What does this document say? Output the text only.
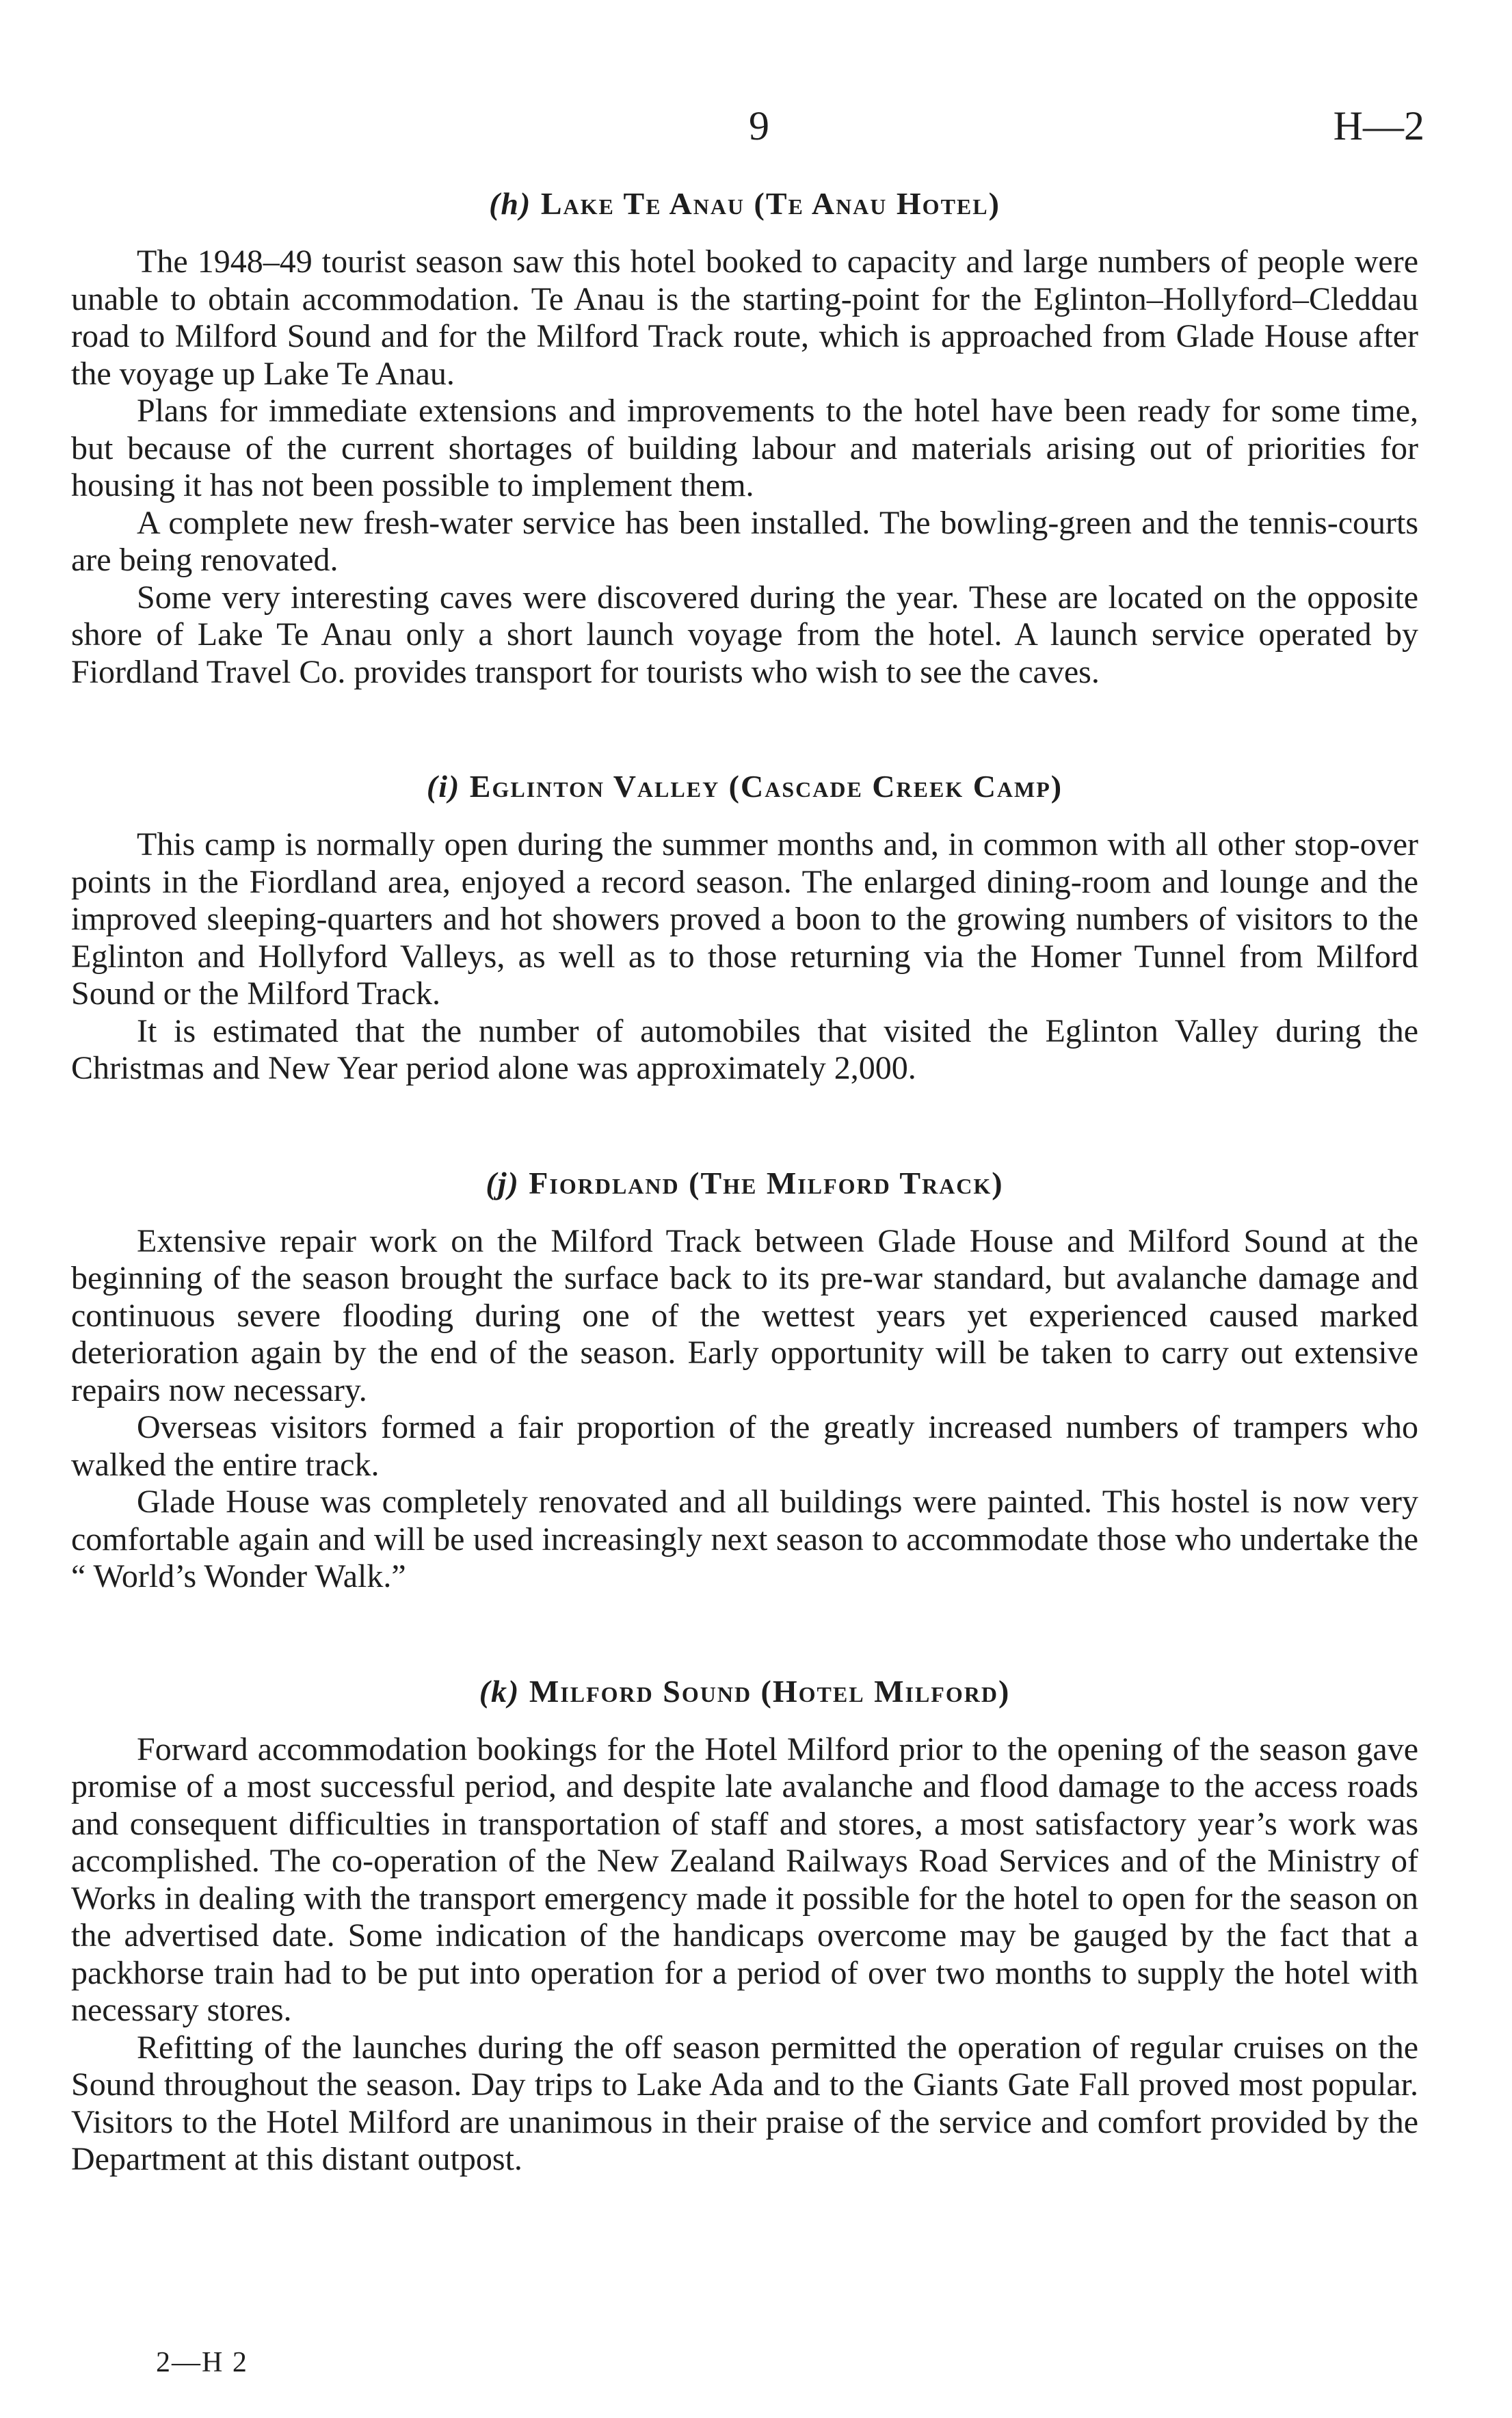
9	H—2
(h) Lake Te Anau (Te Anau Hotel)

The 1948–49 tourist season saw this hotel booked to capacity and large numbers of people were unable to obtain accommodation. Te Anau is the starting-point for the Eglinton–Hollyford–Cleddau road to Milford Sound and for the Milford Track route, which is approached from Glade House after the voyage up Lake Te Anau.

Plans for immediate extensions and improvements to the hotel have been ready for some time, but because of the current shortages of building labour and materials arising out of priorities for housing it has not been possible to implement them.

A complete new fresh-water service has been installed. The bowling-green and the tennis-courts are being renovated.

Some very interesting caves were discovered during the year. These are located on the opposite shore of Lake Te Anau only a short launch voyage from the hotel. A launch service operated by Fiordland Travel Co. provides transport for tourists who wish to see the caves.

(i) Eglinton Valley (Cascade Creek Camp)

This camp is normally open during the summer months and, in common with all other stop-over points in the Fiordland area, enjoyed a record season. The enlarged dining-room and lounge and the improved sleeping-quarters and hot showers proved a boon to the growing numbers of visitors to the Eglinton and Hollyford Valleys, as well as to those returning via the Homer Tunnel from Milford Sound or the Milford Track.

It is estimated that the number of automobiles that visited the Eglinton Valley during the Christmas and New Year period alone was approximately 2,000.

(j) Fiordland (The Milford Track)

Extensive repair work on the Milford Track between Glade House and Milford Sound at the beginning of the season brought the surface back to its pre-war standard, but avalanche damage and continuous severe flooding during one of the wettest years yet experienced caused marked deterioration again by the end of the season. Early opportunity will be taken to carry out extensive repairs now necessary.

Overseas visitors formed a fair proportion of the greatly increased numbers of trampers who walked the entire track.

Glade House was completely renovated and all buildings were painted. This hostel is now very comfortable again and will be used increasingly next season to accommodate those who undertake the “ World’s Wonder Walk.”

(k) Milford Sound (Hotel Milford)

Forward accommodation bookings for the Hotel Milford prior to the opening of the season gave promise of a most successful period, and despite late avalanche and flood damage to the access roads and consequent difficulties in transportation of staff and stores, a most satisfactory year’s work was accomplished. The co-operation of the New Zealand Railways Road Services and of the Ministry of Works in dealing with the transport emergency made it possible for the hotel to open for the season on the advertised date. Some indication of the handicaps overcome may be gauged by the fact that a packhorse train had to be put into operation for a period of over two months to supply the hotel with necessary stores.

Refitting of the launches during the off season permitted the operation of regular cruises on the Sound throughout the season. Day trips to Lake Ada and to the Giants Gate Fall proved most popular. Visitors to the Hotel Milford are unanimous in their praise of the service and comfort provided by the Department at this distant outpost.

2—H 2
